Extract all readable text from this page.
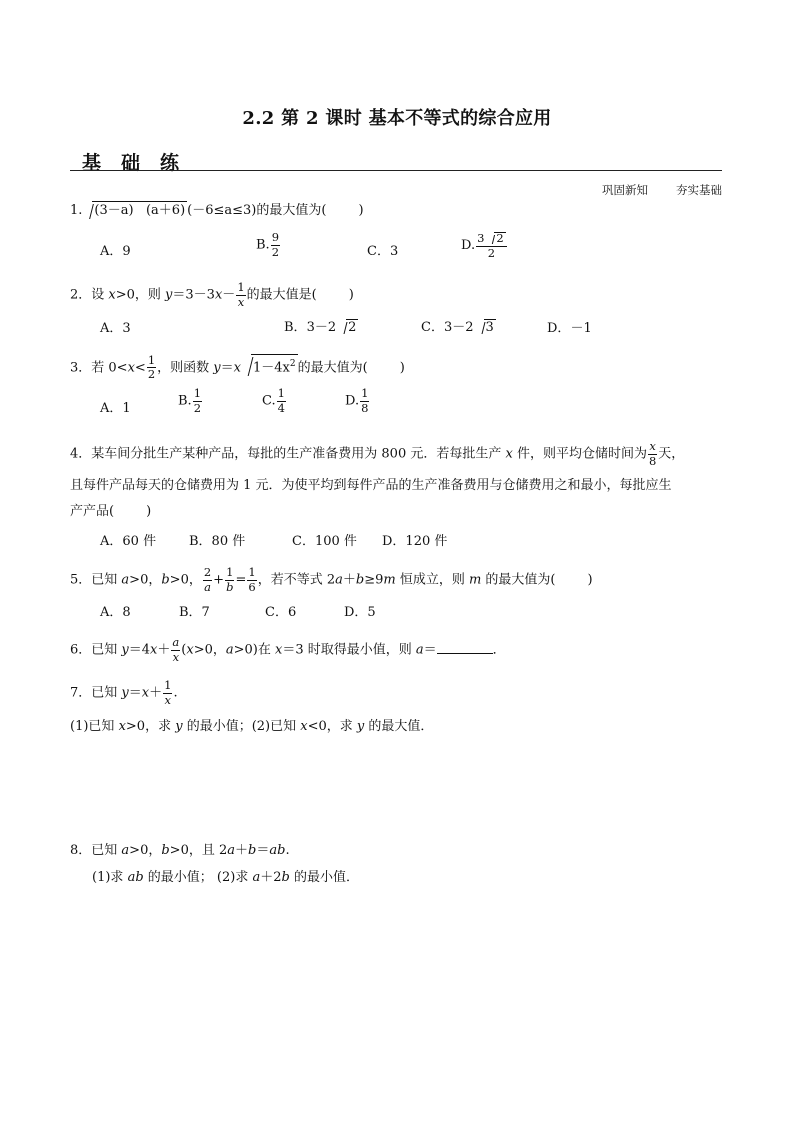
2.2 第 2 课时 基本不等式的综合应用
基础练
巩固新知 夯实基础
1. (3－a) (a＋6) (－6≤a≤3)的最大值为( )
A．9	B. $\frac{9}{2}$	C．3	D. $\frac{3 2}{2}$
2．设 x>0，则 $y=3-3x- \frac{1}{x}$ 的最大值是( )
A．3	B．3－2 2	C．3－2 3	D．－1
3．若 $0<x< \frac{1}{2}$ ，则函数 y＝x $1-4x^2$ 的最大值为( )
A．1	B. $\frac{1}{2}$	C. $\frac{1}{4}$	D. $\frac{1}{8}$
4．某车间分批生产某种产品，每批的生产准备费用为 800 元．若每批生产 x 件，则平均仓储时间为 $\frac{x}{8}$ 天，
且每件产品每天的仓储费用为 1 元．为使平均到每件产品的生产准备费用与仓储费用之和最小，每批应生
产产品( )
A．60 件	B．80 件	C．100 件 D．120 件
5．已知 a>0，b>0， $\frac{2}{a} + \frac{1}{b} = \frac{1}{6}$ ，若不等式 2a＋b≥9m 恒成立，则 m 的最大值为( )
A．8	B．7	C．6	D．5
6．已知 $y=4x+ \frac{a}{x} (x>0$，a>0)在 x＝3 时取得最小值，则 a＝	．
7．已知 $y=x+ \frac{1}{x}$ .
(1)已知 x>0，求 y 的最小值；(2)已知 x<0，求 y 的最大值．
8．已知 a>0，b>0，且 2a＋b＝ab.
(1)求 ab 的最小值； (2)求 a＋2b 的最小值．
